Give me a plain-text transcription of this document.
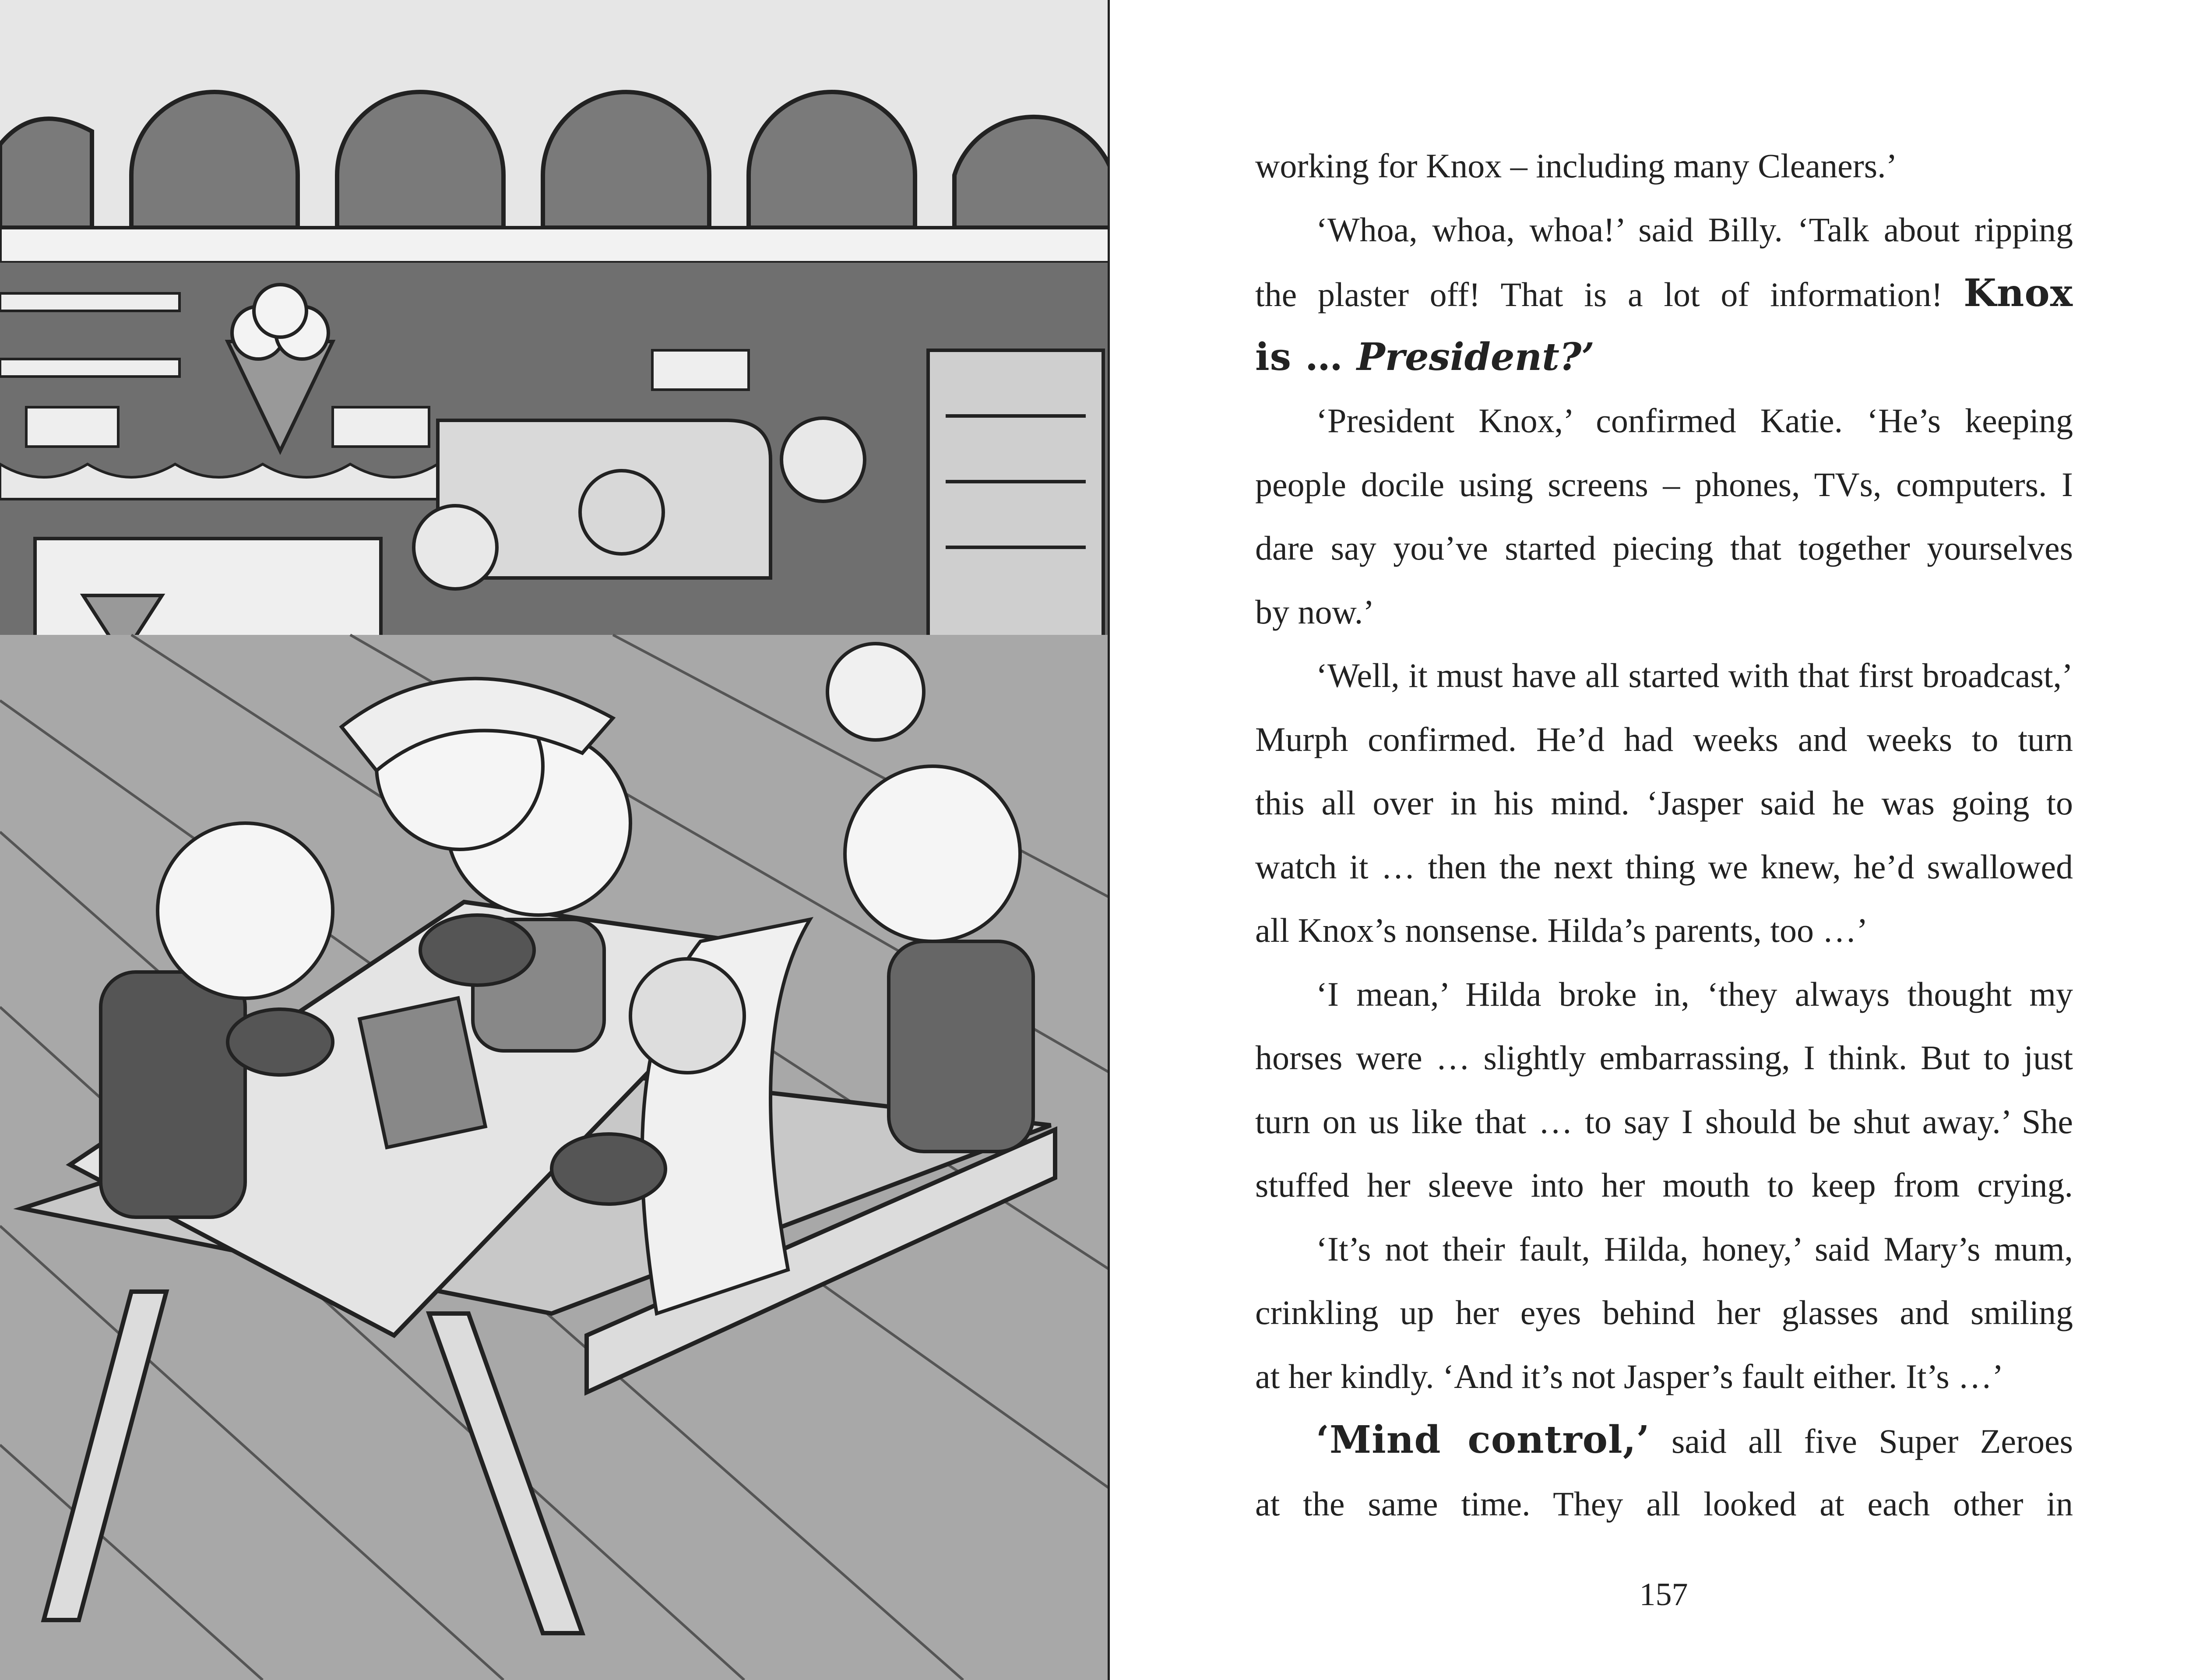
working for Knox – including many Cleaners.’
‘Whoa, whoa, whoa!’ said Billy. ‘Talk about ripping
the plaster off! That is a lot of information! Knox
is … President?’
‘President Knox,’ confirmed Katie. ‘He’s keeping
people docile using screens – phones, TVs, computers. I
dare say you’ve started piecing that together yourselves
by now.’
‘Well, it must have all started with that first broadcast,’
Murph confirmed. He’d had weeks and weeks to turn
this all over in his mind. ‘Jasper said he was going to
watch it … then the next thing we knew, he’d swallowed
all Knox’s nonsense. Hilda’s parents, too …’
‘I mean,’ Hilda broke in, ‘they always thought my
horses were … slightly embarrassing, I think. But to just
turn on us like that … to say I should be shut away.’ She
stuffed her sleeve into her mouth to keep from crying.
‘It’s not their fault, Hilda, honey,’ said Mary’s mum,
crinkling up her eyes behind her glasses and smiling
at her kindly. ‘And it’s not Jasper’s fault either. It’s …’
‘Mind control,’ said all five Super Zeroes
at the same time. They all looked at each other in
157
